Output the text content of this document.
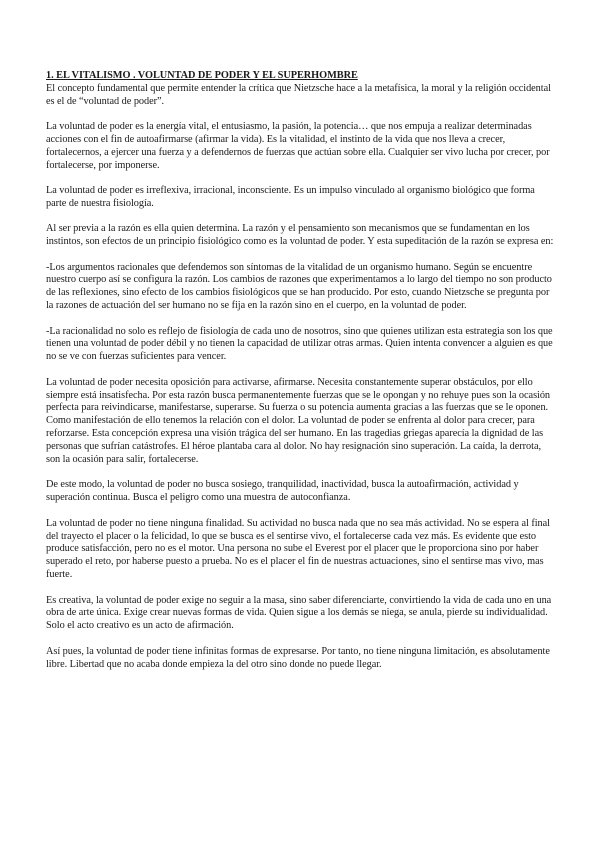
1. EL VITALISMO . VOLUNTAD DE PODER Y EL SUPERHOMBRE

El concepto fundamental que permite entender la crítica que Nietzsche hace a la metafísica, la moral y la religión occidental es el de “voluntad de poder”.

La voluntad de poder es la energía vital, el entusiasmo, la pasión, la potencia… que nos empuja a realizar determinadas acciones con el fin de autoafirmarse (afirmar la vida). Es la vitalidad, el instinto de la vida que nos lleva a crecer, fortalecernos, a ejercer una fuerza y a defendernos de fuerzas que actúan sobre ella. Cualquier ser vivo lucha por crecer, por fortalecerse, por imponerse.

La voluntad de poder es irreflexiva, irracional, inconsciente. Es un impulso vinculado al organismo biológico que forma parte de nuestra fisiología.

Al ser previa a la razón es ella quien determina. La razón y el pensamiento son mecanismos que se fundamentan en los instintos, son efectos de un principio fisiológico como es la voluntad de poder. Y esta supeditación de la razón se expresa en:

-Los argumentos racionales que defendemos son síntomas de la vitalidad de un organismo humano. Según se encuentre nuestro cuerpo así se configura la razón. Los cambios de razones que experimentamos a lo largo del tiempo no son producto de las reflexiones, sino efecto de los cambios fisiológicos que se han producido. Por esto, cuando Nietzsche se pregunta por la razones de actuación del ser humano no se fija en la razón sino en el cuerpo, en la voluntad de poder.

-La racionalidad no solo es reflejo de fisiología de cada uno de nosotros, sino que quienes utilizan esta estrategia son los que tienen una voluntad de poder débil y no tienen la capacidad de utilizar otras armas. Quien intenta convencer a alguien es que no se ve con fuerzas suficientes para vencer.

La voluntad de poder necesita oposición para activarse, afirmarse. Necesita constantemente superar obstáculos, por ello siempre está insatisfecha. Por esta razón busca permanentemente fuerzas que se le opongan y no rehuye pues son la ocasión perfecta para reivindicarse, manifestarse, superarse. Su fuerza o su potencia aumenta gracias a las fuerzas que se le oponen. Como manifestación de ello tenemos la relación con el dolor. La voluntad de poder se enfrenta al dolor para crecer, para reforzarse. Esta concepción expresa una visión trágica del ser humano. En las tragedias griegas aparecía la dignidad de las personas que sufrían catástrofes. El héroe plantaba cara al dolor. No hay resignación sino superación. La caída, la derrota, son la ocasión para salir, fortalecerse.

De este modo, la voluntad de poder no busca sosiego, tranquilidad, inactividad, busca la autoafirmación, actividad y superación continua. Busca el peligro como una muestra de autoconfianza.

La voluntad de poder no tiene ninguna finalidad. Su actividad no busca nada que no sea más actividad. No se espera al final del trayecto el placer o la felicidad, lo que se busca es el sentirse vivo, el fortalecerse cada vez más. Es evidente que esto produce satisfacción, pero no es el motor. Una persona no sube el Everest por el placer que le proporciona sino por haber superado el reto, por haberse puesto a prueba. No es el placer el fin de nuestras actuaciones, sino el sentirse mas vivo, mas fuerte.

Es creativa, la voluntad de poder exige no seguir a la masa, sino saber diferenciarte, convirtiendo la vida de cada uno en una obra de arte única. Exige crear nuevas formas de vida. Quien sigue a los demás se niega, se anula, pierde su individualidad. Solo el acto creativo es un acto de afirmación.

Así pues, la voluntad de poder tiene infinitas formas de expresarse. Por tanto, no tiene ninguna limitación, es absolutamente libre. Libertad que no acaba donde empieza la del otro sino donde no puede llegar.
